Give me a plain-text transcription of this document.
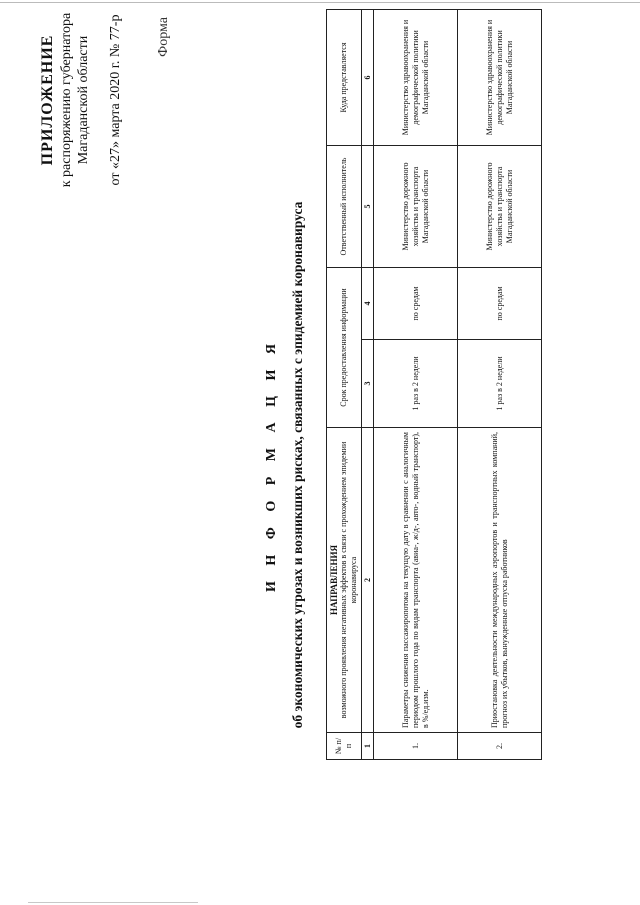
ПРИЛОЖЕНИЕ к распоряжению губернатора Магаданской области от «27» марта 2020 г. № 77-р Форма
И Н Ф О Р М А Ц И Я об экономических угрозах и возникших рисках, связанных с эпидемией коронавируса
№ п/п	НАПРАВЛЕНИЯ возможного проявления негативных эффектов в связи с прохождением эпидемии коронавируса	Срок предоставления информации		Ответственный исполнитель	Куда представляется
1	2	3	4	5	6
1.	Параметры снижения пассажиропотока на текущую дату в сравнении с аналогичным периодом прошлого года по видам транспорта (авиа-, ж/д-, авто-, водный транспорт), в %/ед.изм.	1 раз в 2 недели	по средам	Министерство дорожного хозяйства и транспорта Магаданской области	Министерство здравоохранения и демографической политики Магаданской области
2.	Приостановка деятельности международных аэропортов и транспортных компаний, прогноз их убытков, вынужденные отпуска работников	1 раз в 2 недели	по средам	Министерство дорожного хозяйства и транспорта Магаданской области	Министерство здравоохранения и демографической политики Магаданской области
